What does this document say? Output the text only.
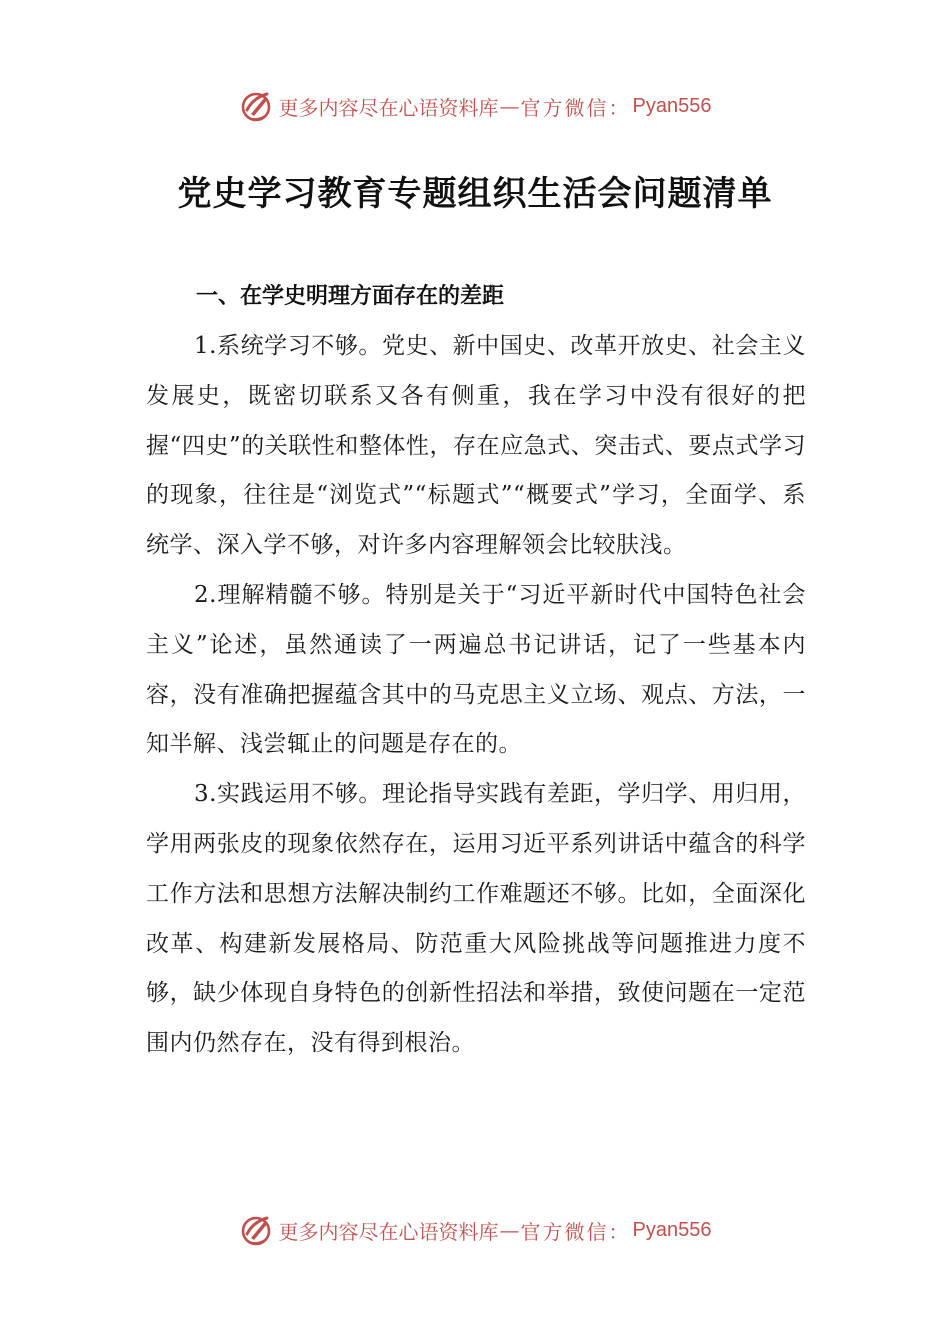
更多内容尽在心语资料库 — 官方微信： Pyan556
党史学习教育专题组织生活会问题清单

一、在学史明理方面存在的差距

1.系统学习不够。党史、新中国史、改革开放史、社会主义发展史，既密切联系又各有侧重，我在学习中没有很好的把握“四史”的关联性和整体性，存在应急式、突击式、要点式学习的现象，往往是“浏览式”“标题式”“概要式”学习，全面学、系统学、深入学不够，对许多内容理解领会比较肤浅。

2.理解精髓不够。特别是关于“习近平新时代中国特色社会主义”论述，虽然通读了一两遍总书记讲话，记了一些基本内容，没有准确把握蕴含其中的马克思主义立场、观点、方法，一知半解、浅尝辄止的问题是存在的。

3.实践运用不够。理论指导实践有差距，学归学、用归用，学用两张皮的现象依然存在，运用习近平系列讲话中蕴含的科学工作方法和思想方法解决制约工作难题还不够。比如，全面深化改革、构建新发展格局、防范重大风险挑战等问题推进力度不够，缺少体现自身特色的创新性招法和举措，致使问题在一定范围内仍然存在，没有得到根治。

更多内容尽在心语资料库 — 官方微信： Pyan556
